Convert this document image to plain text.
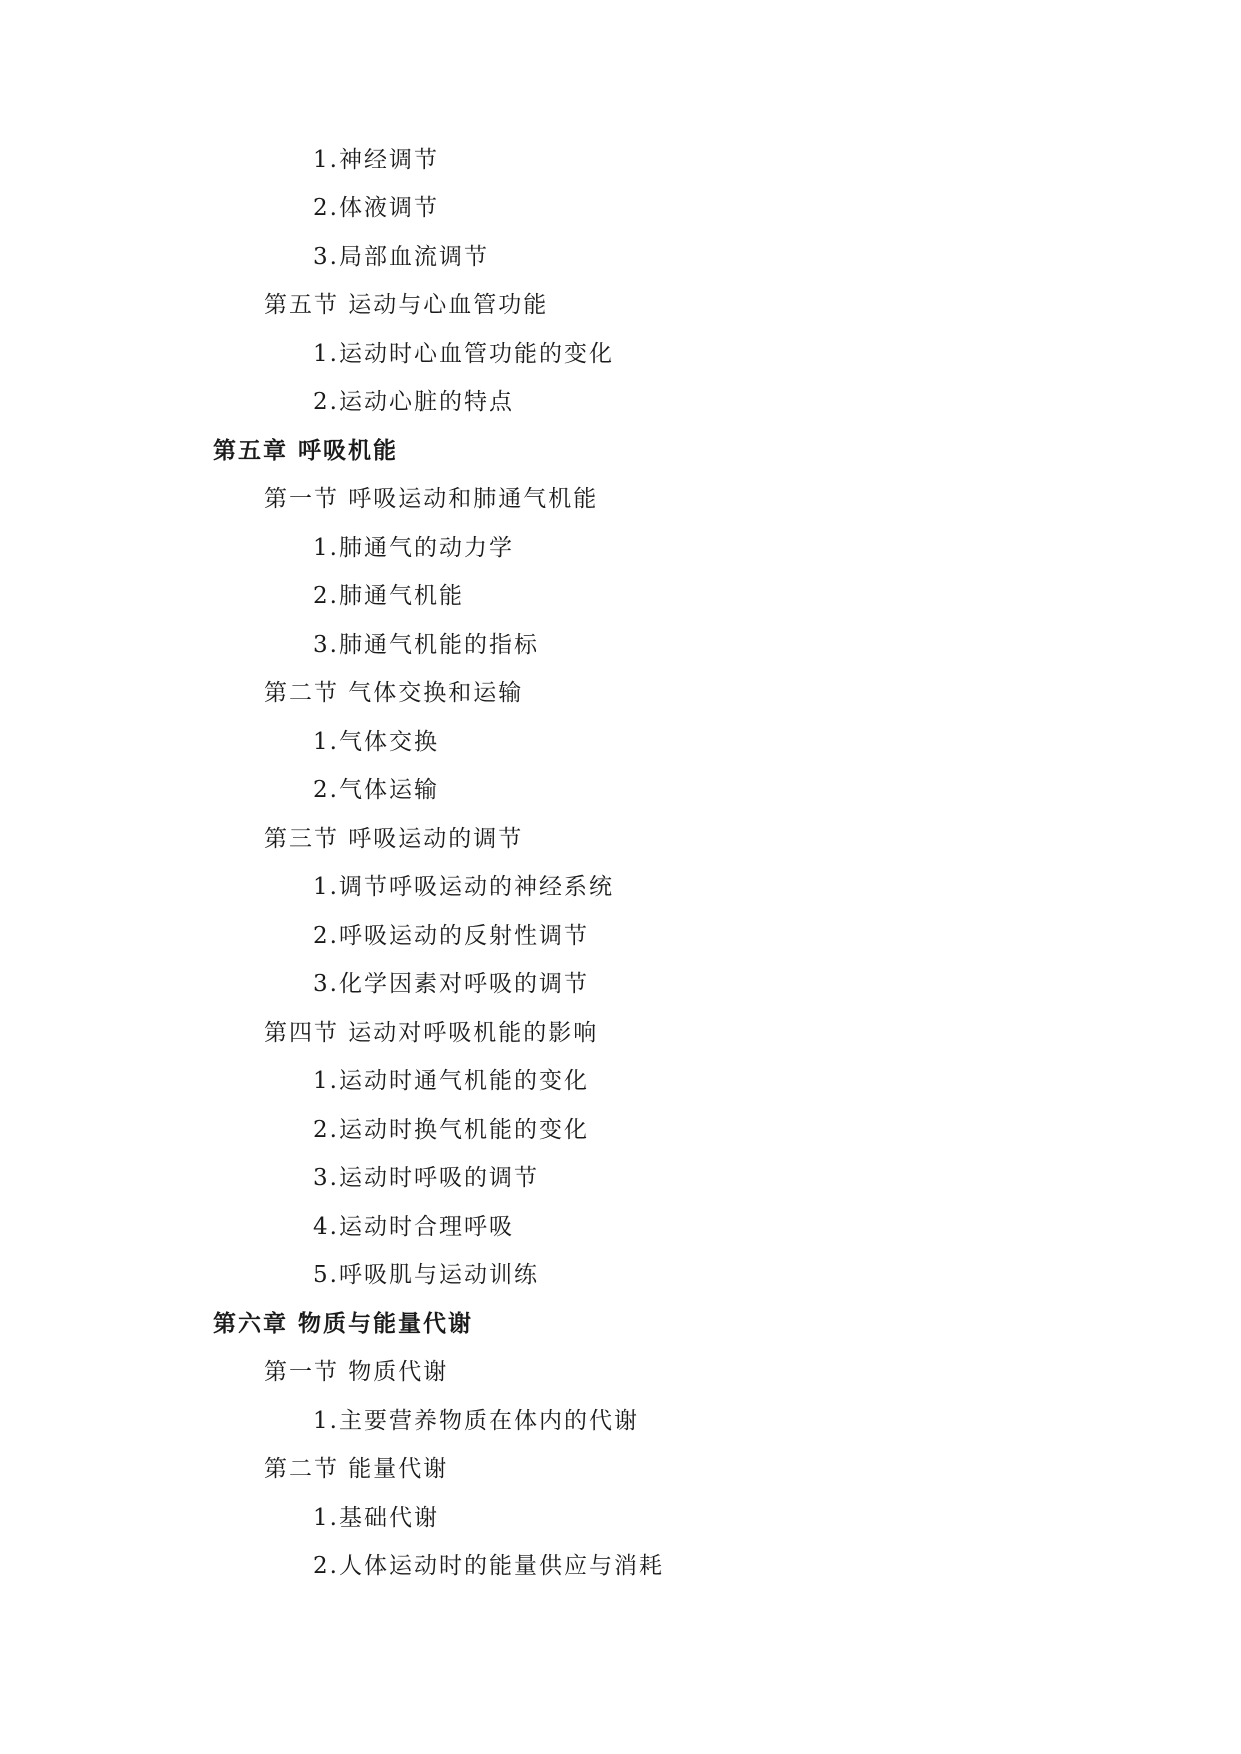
1.神经调节
2.体液调节
3.局部血流调节
第五节 运动与心血管功能
1.运动时心血管功能的变化
2.运动心脏的特点
第五章 呼吸机能
第一节 呼吸运动和肺通气机能
1.肺通气的动力学
2.肺通气机能
3.肺通气机能的指标
第二节 气体交换和运输
1.气体交换
2.气体运输
第三节 呼吸运动的调节
1.调节呼吸运动的神经系统
2.呼吸运动的反射性调节
3.化学因素对呼吸的调节
第四节 运动对呼吸机能的影响
1.运动时通气机能的变化
2.运动时换气机能的变化
3.运动时呼吸的调节
4.运动时合理呼吸
5.呼吸肌与运动训练
第六章 物质与能量代谢
第一节 物质代谢
1.主要营养物质在体内的代谢
第二节 能量代谢
1.基础代谢
2.人体运动时的能量供应与消耗
